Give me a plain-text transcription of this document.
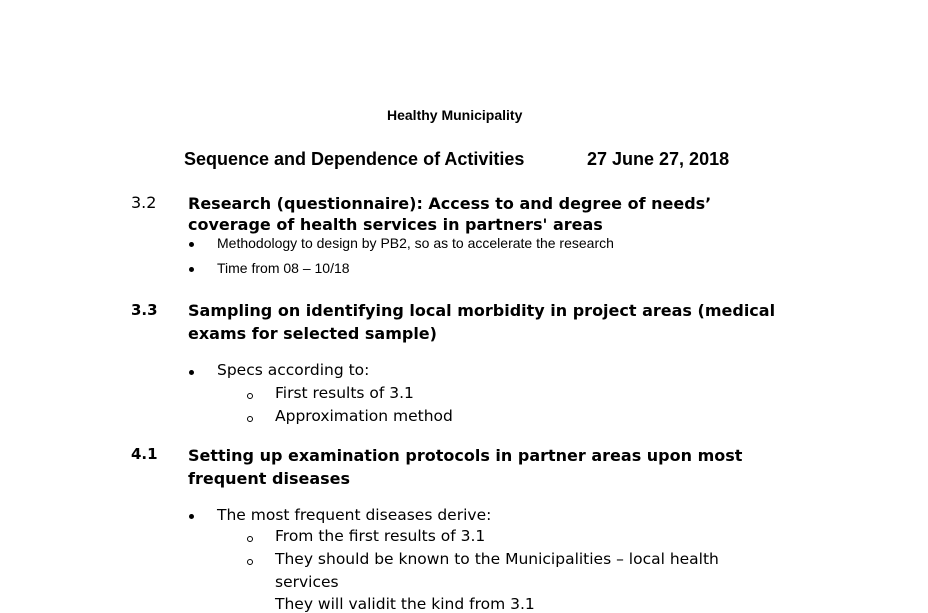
Healthy Municipality
Sequence and Dependence of Activities	27 June 27, 2018
3.2 Research (questionnaire): Access to and degree of needs’
coverage of health services in partners' areas
Methodology to design by PB2, so as to accelerate the research
Time from 08 – 10/18
3.3 Sampling on identifying local morbidity in project areas (medical
exams for selected sample)
Specs according to:
First results of 3.1
Approximation method
4.1 Setting up examination protocols in partner areas upon most
frequent diseases
The most frequent diseases derive:
From the first results of 3.1
They should be known to the Municipalities – local health
services
They will validit the kind from 3.1
